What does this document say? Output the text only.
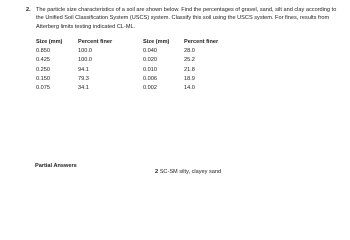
2. The particle size characteristics of a soil are shown below. Find the percentages of gravel, sand, silt and clay according to the Unified Soil Classification System (USCS) system. Classify this soil using the USCS system. For fines, results from Atterberg limits testing indicated CL-ML.
Size (mm)	Percent finer	Size (mm)	Percent finer
0.850	100.0	0.040	28.0
0.425	100.0	0.020	25.2
0.250	94.1	0.010	21.8
0.150	79.3	0.006	18.9
0.075	34.1	0.002	14.0
Partial Answers
2 SC-SM silty, clayey sand
